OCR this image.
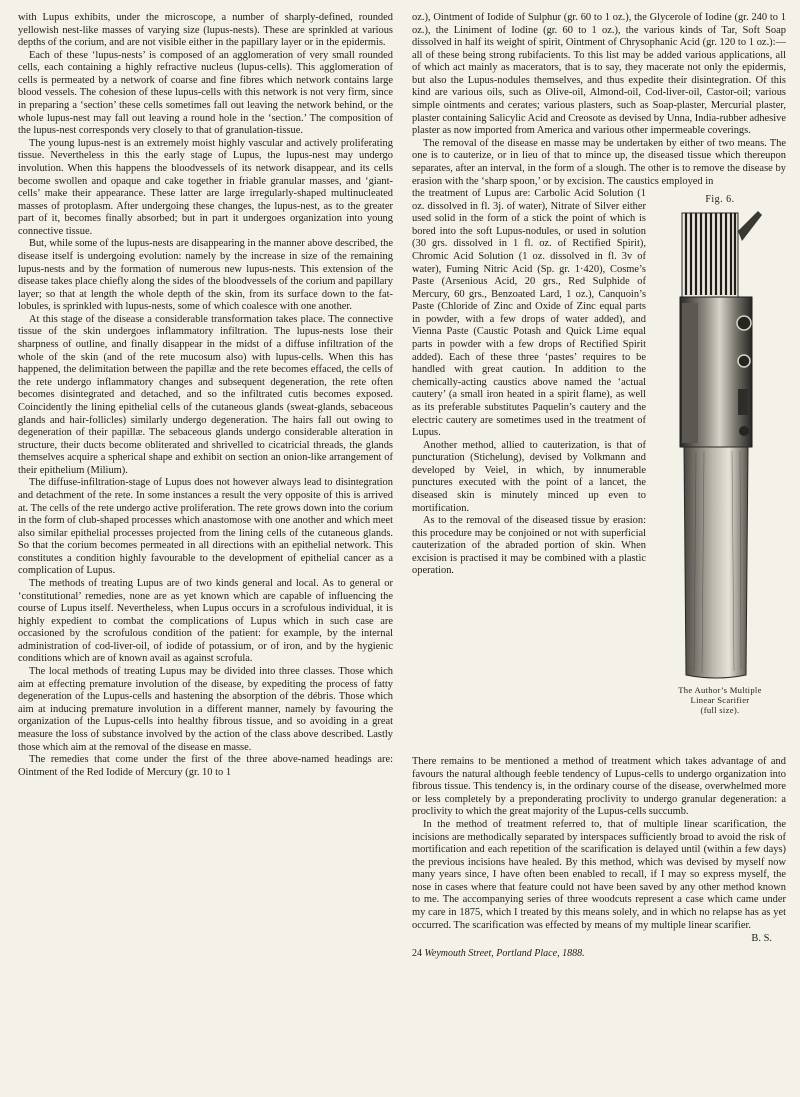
with Lupus exhibits, under the microscope, a number of sharply-defined, rounded yellowish nest-like masses of varying size (lupus-nests). These are sprinkled at various depths of the corium, and are not visible either in the papillary layer or in the epidermis.

Each of these ‘lupus-nests’ is composed of an agglomeration of very small rounded cells, each containing a highly refractive nucleus (lupus-cells). This agglomeration of cells is permeated by a network of coarse and fine fibres which network contains large blood vessels. The cohesion of these lupus-cells with this network is not very firm, since in preparing a ‘section’ these cells sometimes fall out leaving the network behind, or the whole lupus-nest may fall out leaving a round hole in the ‘section.’ The composition of the lupus-nest corresponds very closely to that of granulation-tissue.

The young lupus-nest is an extremely moist highly vascular and actively proliferating tissue. Nevertheless in this the early stage of Lupus, the lupus-nest may undergo involution. When this happens the bloodvessels of its network disappear, and its cells become swollen and opaque and cake together in friable granular masses, and ‘giant-cells’ make their appearance. These latter are large irregularly-shaped multinucleated masses of protoplasm. After undergoing these changes, the lupus-nest, as to the greater part of it, becomes finally absorbed; but in part it undergoes organization into young connective tissue.

But, while some of the lupus-nests are disappearing in the manner above described, the disease itself is undergoing evolution: namely by the increase in size of the remaining lupus-nests and by the formation of numerous new lupus-nests. This extension of the disease takes place chiefly along the sides of the bloodvessels of the corium and papillary layer; so that at length the whole depth of the skin, from its surface down to the fat-lobules, is sprinkled with lupus-nests, some of which coalesce with one another.

At this stage of the disease a considerable transformation takes place. The connective tissue of the skin undergoes inflammatory infiltration. The lupus-nests lose their sharpness of outline, and finally disappear in the midst of a diffuse infiltration of the whole of the skin (and of the rete mucosum also) with lupus-cells. When this has happened, the delimitation between the papillæ and the rete becomes effaced, the cells of the rete undergo inflammatory changes and subsequent degeneration, the rete often becomes disintegrated and detached, and so the infiltrated cutis becomes exposed. Coincidently the lining epithelial cells of the cutaneous glands (sweat-glands, sebaceous glands and hair-follicles) similarly undergo degeneration. The hairs fall out owing to degeneration of their papillæ. The sebaceous glands undergo considerable alteration in structure, their ducts become obliterated and shrivelled to cicatricial threads, the glands themselves acquire a spherical shape and exhibit on section an onion-like arrangement of their epithelium (Milium).

The diffuse-infiltration-stage of Lupus does not however always lead to disintegration and detachment of the rete. In some instances a result the very opposite of this is arrived at. The cells of the rete undergo active proliferation. The rete grows down into the corium in the form of club-shaped processes which anastomose with one another and which meet also similar epithelial processes projected from the lining cells of the cutaneous glands. So that the corium becomes permeated in all directions with an epithelial network. This constitutes a condition highly favourable to the development of epithelial cancer as a complication of Lupus.

The methods of treating Lupus are of two kinds general and local. As to general or ‘constitutional’ remedies, none are as yet known which are capable of influencing the course of Lupus itself. Nevertheless, when Lupus occurs in a scrofulous individual, it is highly expedient to combat the complications of Lupus which in such case are occasioned by the scrofulous condition of the patient: for example, by the internal administration of cod-liver-oil, of iodide of potassium, or of iron, and by the hygienic conditions which are of known avail as against scrofula.

The local methods of treating Lupus may be divided into three classes. Those which aim at effecting premature involution of the disease, by expediting the process of fatty degeneration of the Lupus-cells and hastening the absorption of the débris. Those which aim at inducing premature involution in a different manner, namely by favouring the organization of the Lupus-cells into healthy fibrous tissue, and so avoiding in a great measure the loss of substance involved by the action of the class above described. Lastly those which aim at the removal of the disease en masse.

The remedies that come under the first of the three above-named headings are: Ointment of the Red Iodide of Mercury (gr. 10 to 1

oz.), Ointment of Iodide of Sulphur (gr. 60 to 1 oz.), the Glycerole of Iodine (gr. 240 to 1 oz.), the Liniment of Iodine (gr. 60 to 1 oz.), the various kinds of Tar, Soft Soap dissolved in half its weight of spirit, Ointment of Chrysophanic Acid (gr. 120 to 1 oz.):—all of these being strong rubifacients. To this list may be added various applications, all of which act mainly as macerators, that is to say, they macerate not only the epidermis, but also the Lupus-nodules themselves, and thus expedite their disintegration. Of this kind are various oils, such as Olive-oil, Almond-oil, Cod-liver-oil, Castor-oil; various simple ointments and cerates; various plasters, such as Soap-plaster, Mercurial plaster, plaster containing Salicylic Acid and Creosote as devised by Unna, India-rubber adhesive plaster as now imported from America and various other impermeable coverings.

The removal of the disease en masse may be undertaken by either of two means. The one is to cauterize, or in lieu of that to mince up, the diseased tissue which thereupon separates, after an interval, in the form of a slough. The other is to remove the disease by erasion with the ‘sharp spoon,’ or by excision. The caustics employed in

Fig. 6.
The Author’s Multiple
Linear Scarifier
(full size).

the treatment of Lupus are: Carbolic Acid Solution (1 oz. dissolved in fl. 3j. of water), Nitrate of Silver either used solid in the form of a stick the point of which is bored into the soft Lupus-nodules, or used in solution (30 grs. dissolved in 1 fl. oz. of Rectified Spirit), Chromic Acid Solution (1 oz. dissolved in fl. 3v of water), Fuming Nitric Acid (Sp. gr. 1·420), Cosme’s Paste (Arsenious Acid, 20 grs., Red Sulphide of Mercury, 60 grs., Benzoated Lard, 1 oz.), Canquoin’s Paste (Chloride of Zinc and Oxide of Zinc equal parts in powder, with a few drops of water added), and Vienna Paste (Caustic Potash and Quick Lime equal parts in powder with a few drops of Rectified Spirit added). Each of these three ‘pastes’ requires to be handled with great caution. In addition to the chemically-acting caustics above named the ‘actual cautery’ (a small iron heated in a spirit flame), as well as its preferable substitutes Paquelin’s cautery and the electric cautery are sometimes used in the treatment of Lupus.

Another method, allied to cauterization, is that of puncturation (Stichelung), devised by Volkmann and developed by Veiel, in which, by innumerable punctures executed with the point of a lancet, the diseased skin is minutely minced up even to mortification.

As to the removal of the diseased tissue by erasion: this procedure may be conjoined or not with superficial cauterization of the abraded portion of skin. When excision is practised it may be combined with a plastic operation.

There remains to be mentioned a method of treatment which takes advantage of and favours the natural although feeble tendency of Lupus-cells to undergo organization into fibrous tissue. This tendency is, in the ordinary course of the disease, overwhelmed more or less completely by a preponderating proclivity to undergo granular degeneration: a proclivity to which the great majority of the Lupus-cells succumb.

In the method of treatment referred to, that of multiple linear scarification, the incisions are methodically separated by interspaces sufficiently broad to avoid the risk of mortification and each repetition of the scarification is delayed until (within a few days) the previous incisions have healed. By this method, which was devised by myself now many years since, I have often been enabled to recall, if I may so express myself, the nose in cases where that feature could not have been saved by any other method known to me. The accompanying series of three woodcuts represent a case which came under my care in 1875, which I treated by this means solely, and in which no relapse has as yet occurred. The scarification was effected by means of my multiple linear scarifier.

B. S.
24 Weymouth Street, Portland Place, 1888.
